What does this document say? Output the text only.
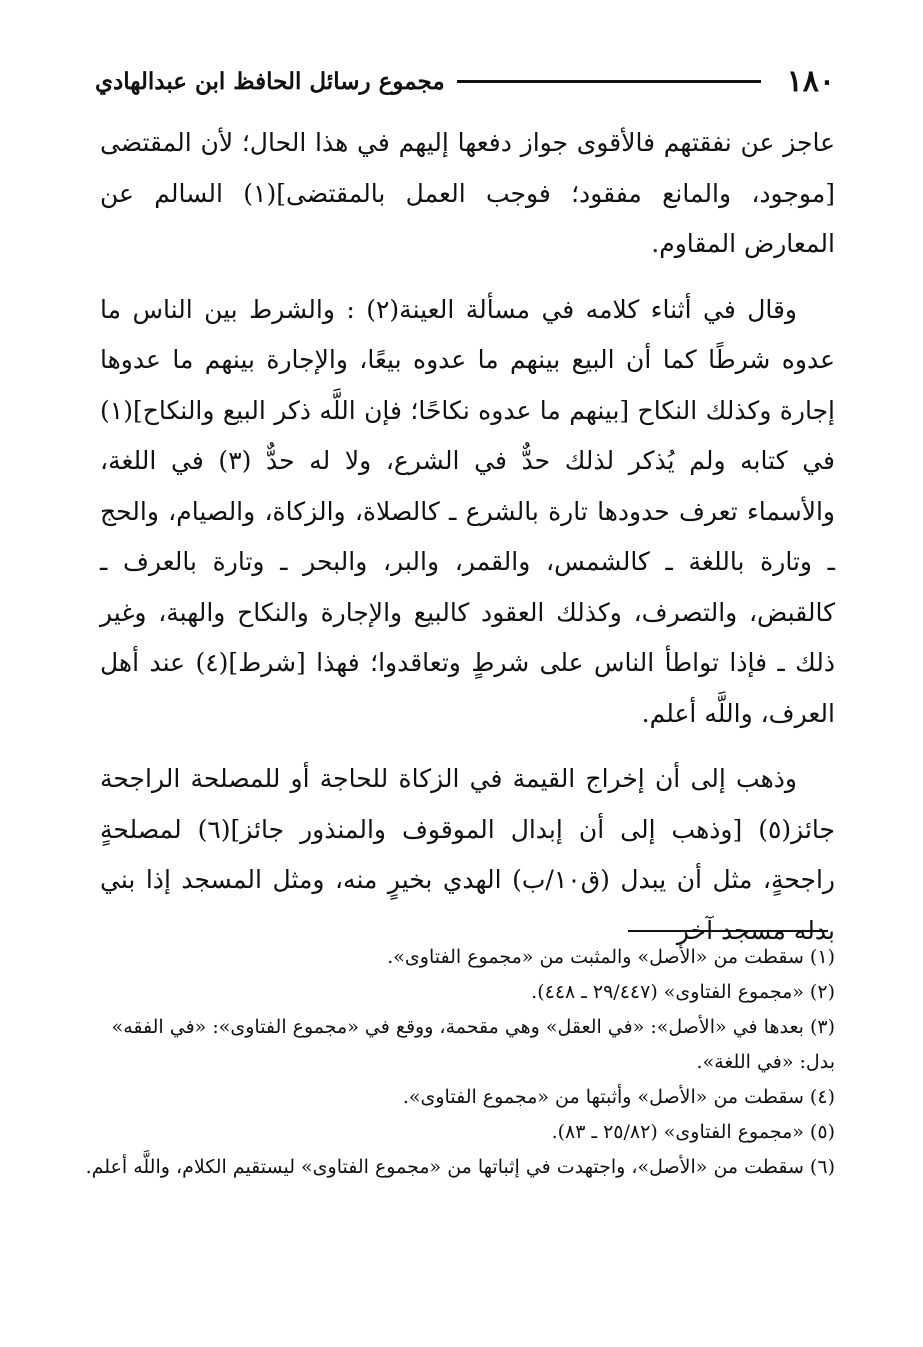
١٨٠
مجموع رسائل الحافظ ابن عبدالهادي

عاجز عن نفقتهم فالأقوى جواز دفعها إليهم في هذا الحال؛ لأن المقتضى [موجود، والمانع مفقود؛ فوجب العمل بالمقتضى](١) السالم عن المعارض المقاوم.

وقال في أثناء كلامه في مسألة العينة(٢) : والشرط بين الناس ما عدوه شرطًا كما أن البيع بينهم ما عدوه بيعًا، والإجارة بينهم ما عدوها إجارة وكذلك النكاح [بينهم ما عدوه نكاحًا؛ فإن اللَّه ذكر البيع والنكاح](١) في كتابه ولم يُذكر لذلك حدٌّ في الشرع، ولا له حدٌّ (٣) في اللغة، والأسماء تعرف حدودها تارة بالشرع ـ كالصلاة، والزكاة، والصيام، والحج ـ وتارة باللغة ـ كالشمس، والقمر، والبر، والبحر ـ وتارة بالعرف ـ كالقبض، والتصرف، وكذلك العقود كالبيع والإجارة والنكاح والهبة، وغير ذلك ـ فإذا تواطأ الناس على شرطٍ وتعاقدوا؛ فهذا [شرط](٤) عند أهل العرف، واللَّه أعلم.

وذهب إلى أن إخراج القيمة في الزكاة للحاجة أو للمصلحة الراجحة جائز(٥) [وذهب إلى أن إبدال الموقوف والمنذور جائز](٦) لمصلحةٍ راجحةٍ، مثل أن يبدل (ق١٠/ب) الهدي بخيرٍ منه، ومثل المسجد إذا بني بدله مسجد آخر

(١) سقطت من «الأصل» والمثبت من «مجموع الفتاوى».

(٢) «مجموع الفتاوى» (٢٩/٤٤٧ ـ ٤٤٨).

(٣) بعدها في «الأصل»: «في العقل» وهي مقحمة، ووقع في «مجموع الفتاوى»: «في الفقه» بدل: «في اللغة».

(٤) سقطت من «الأصل» وأثبتها من «مجموع الفتاوى».

(٥) «مجموع الفتاوى» (٢٥/٨٢ ـ ٨٣).

(٦) سقطت من «الأصل»، واجتهدت في إثباتها من «مجموع الفتاوى» ليستقيم الكلام، واللَّه أعلم.
